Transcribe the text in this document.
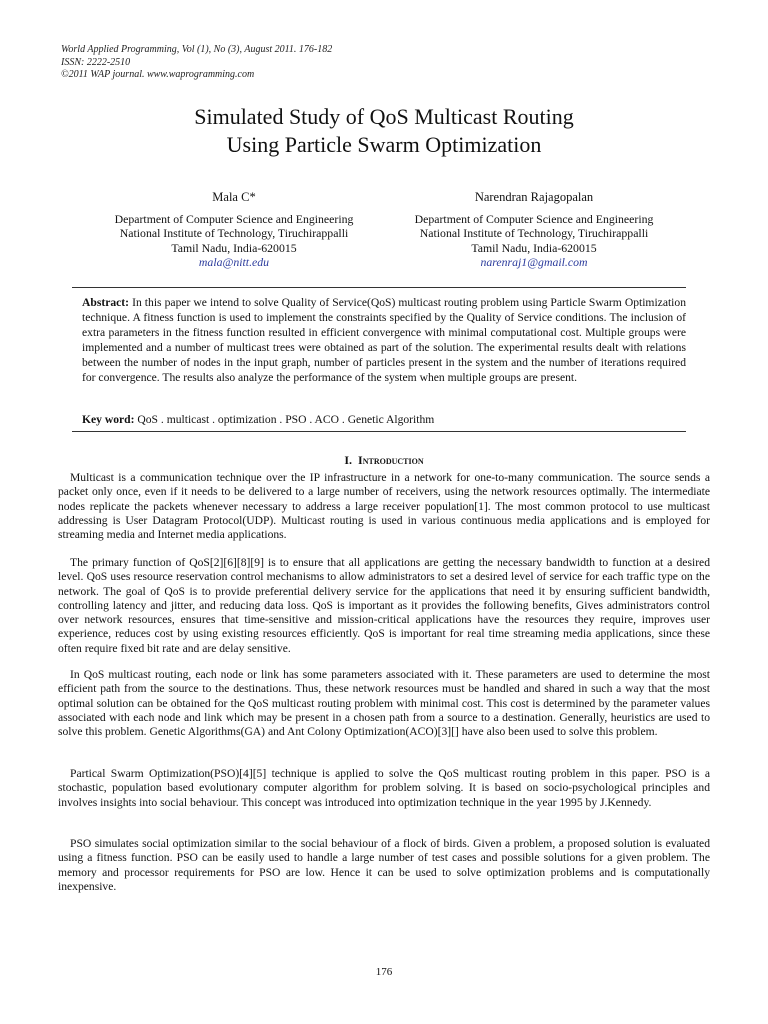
World Applied Programming, Vol (1), No (3), August 2011. 176-182
ISSN: 2222-2510
©2011 WAP journal. www.waprogramming.com
Simulated Study of QoS Multicast Routing
Using Particle Swarm Optimization
Mala C*
Department of Computer Science and Engineering
National Institute of Technology, Tiruchirappalli
Tamil Nadu, India-620015
mala@nitt.edu
Narendran Rajagopalan
Department of Computer Science and Engineering
National Institute of Technology, Tiruchirappalli
Tamil Nadu, India-620015
narenraj1@gmail.com
Abstract: In this paper we intend to solve Quality of Service(QoS) multicast routing problem using Particle Swarm Optimization technique. A fitness function is used to implement the constraints specified by the Quality of Service conditions. The inclusion of extra parameters in the fitness function resulted in efficient convergence with minimal computational cost. Multiple groups were implemented and a number of multicast trees were obtained as part of the solution. The experimental results dealt with relations between the number of nodes in the input graph, number of particles present in the system and the number of iterations required for convergence. The results also analyze the performance of the system when multiple groups are present.
Key word: QoS . multicast . optimization . PSO . ACO . Genetic Algorithm
I. Introduction

Multicast is a communication technique over the IP infrastructure in a network for one-to-many communication. The source sends a packet only once, even if it needs to be delivered to a large number of receivers, using the network resources optimally. The intermediate nodes replicate the packets whenever necessary to address a large receiver population[1]. The most common protocol to use multicast addressing is User Datagram Protocol(UDP). Multicast routing is used in various continuous media applications and is employed for streaming media and Internet media applications.

The primary function of QoS[2][6][8][9] is to ensure that all applications are getting the necessary bandwidth to function at a desired level. QoS uses resource reservation control mechanisms to allow administrators to set a desired level of service for each traffic type on the network. The goal of QoS is to provide preferential delivery service for the applications that need it by ensuring sufficient bandwidth, controlling latency and jitter, and reducing data loss. QoS is important as it provides the following benefits, Gives administrators control over network resources, ensures that time-sensitive and mission-critical applications have the resources they require, improves user experience, reduces cost by using existing resources efficiently. QoS is important for real time streaming media applications, since these often require fixed bit rate and are delay sensitive.

In QoS multicast routing, each node or link has some parameters associated with it. These parameters are used to determine the most efficient path from the source to the destinations. Thus, these network resources must be handled and shared in such a way that the most optimal solution can be obtained for the QoS multicast routing problem with minimal cost. This cost is determined by the parameter values associated with each node and link which may be present in a chosen path from a source to a destination. Generally, heuristics are used to solve this problem. Genetic Algorithms(GA) and Ant Colony Optimization(ACO)[3][] have also been used to solve this problem.

Partical Swarm Optimization(PSO)[4][5] technique is applied to solve the QoS multicast routing problem in this paper. PSO is a stochastic, population based evolutionary computer algorithm for problem solving. It is based on socio-psychological principles and involves insights into social behaviour. This concept was introduced into optimization technique in the year 1995 by J.Kennedy.

PSO simulates social optimization similar to the social behaviour of a flock of birds. Given a problem, a proposed solution is evaluated using a fitness function. PSO can be easily used to handle a large number of test cases and possible solutions for a given problem. The memory and processor requirements for PSO are low. Hence it can be used to solve optimization problems and is computationally inexpensive.

176
